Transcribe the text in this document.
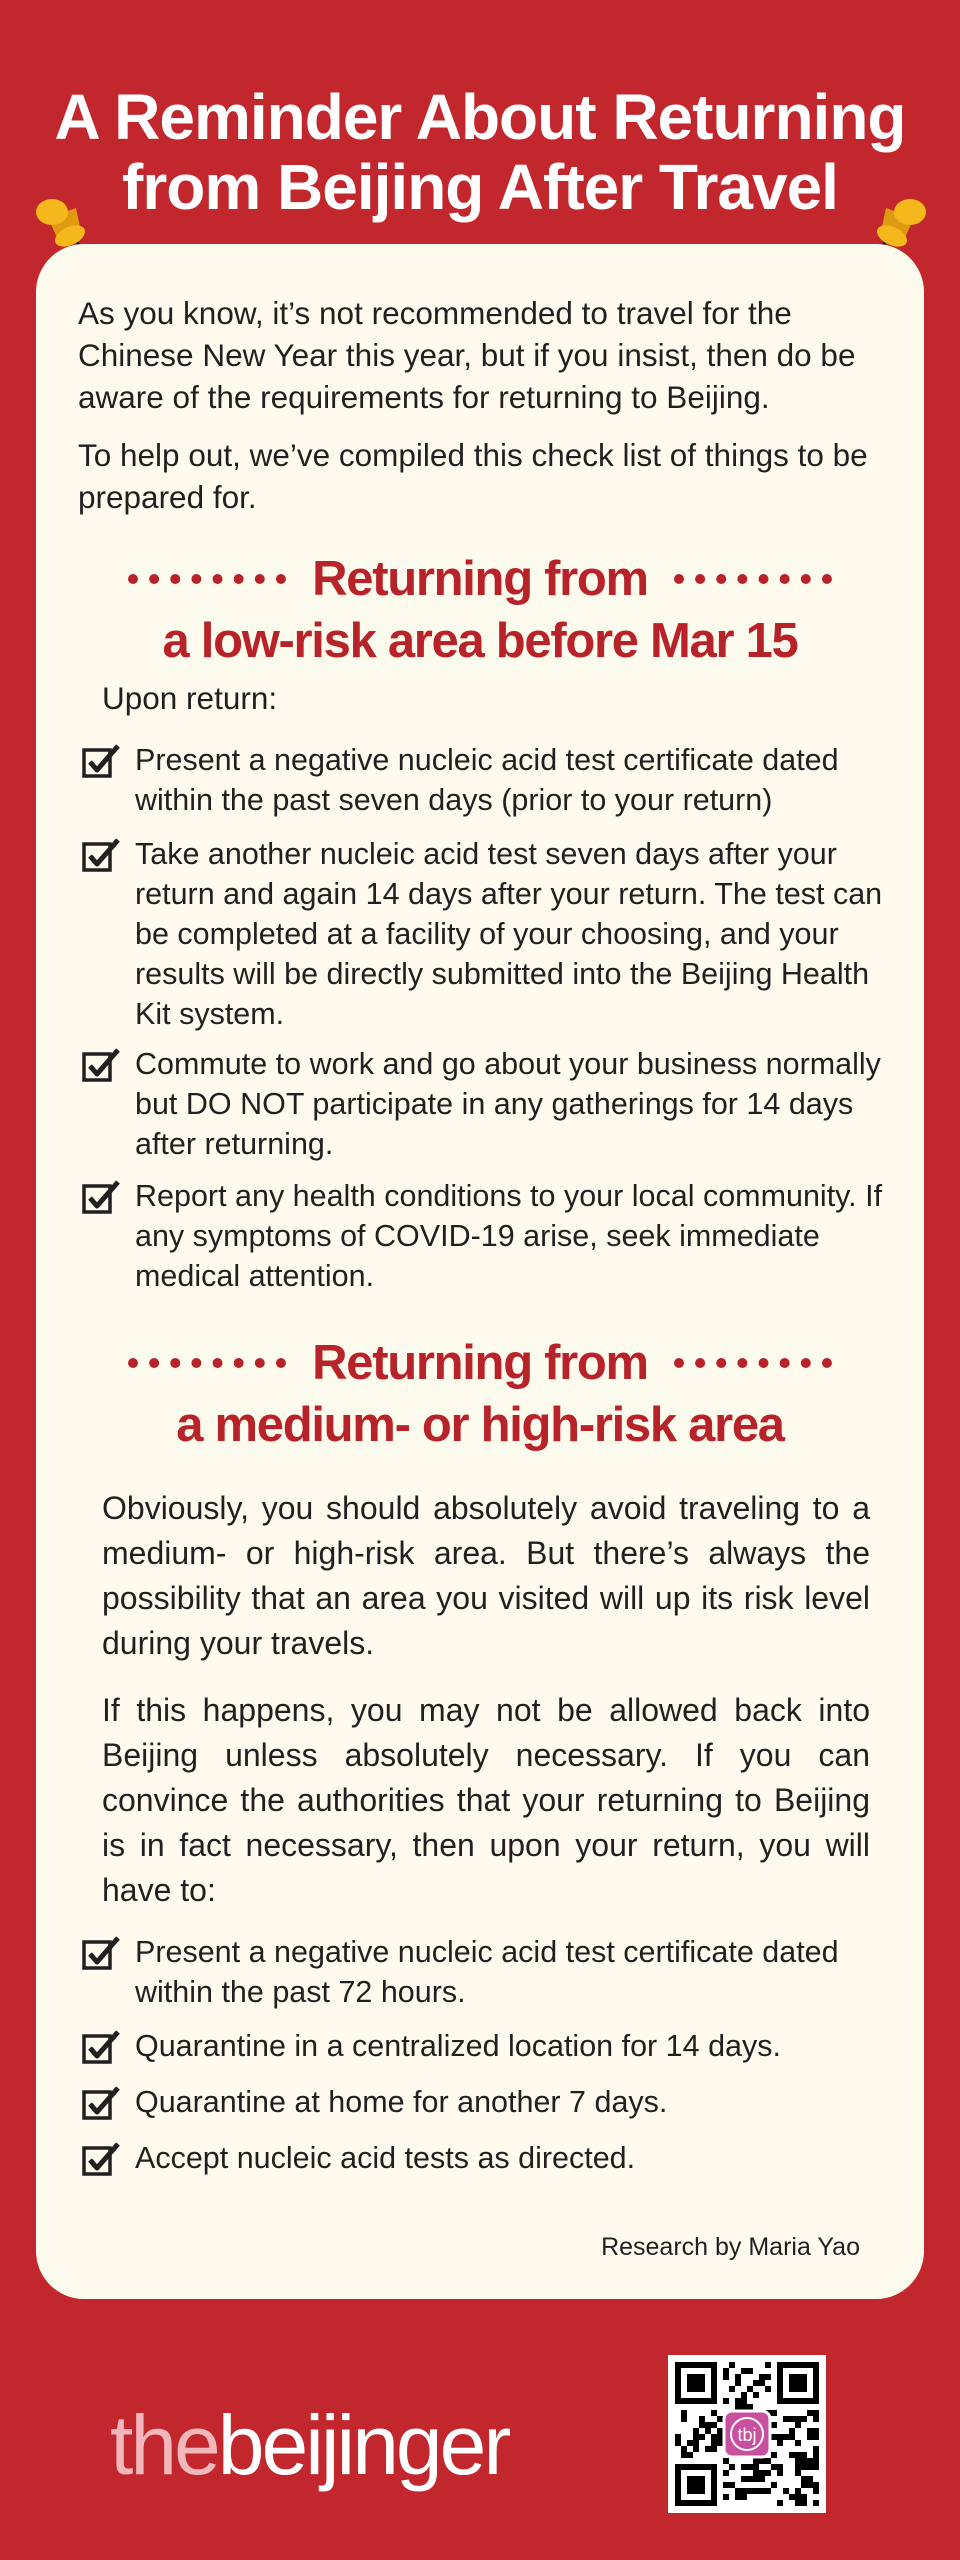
A Reminder About Returning
from Beijing After Travel

As you know, it’s not recommended to travel for the Chinese New Year this year, but if you insist, then do be aware of the requirements for returning to Beijing.

To help out, we’ve compiled this check list of things to be prepared for.

Returning from
a low-risk area before Mar 15

Upon return:

Present a negative nucleic acid test certificate dated within the past seven days (prior to your return)

Take another nucleic acid test seven days after your return and again 14 days after your return. The test can be completed at a facility of your choosing, and your results will be directly submitted into the Beijing Health Kit system.

Commute to work and go about your business normally but DO NOT participate in any gatherings for 14 days after returning.

Report any health conditions to your local community. If any symptoms of COVID-19 arise, seek immediate medical attention.

Returning from
a medium- or high-risk area

Obviously, you should absolutely avoid traveling to a medium- or high-risk area. But there’s always the possibility that an area you visited will up its risk level during your travels.

If this happens, you may not be allowed back into Beijing unless absolutely necessary. If you can convince the authorities that your returning to Beijing is in fact necessary, then upon your return, you will have to:

Present a negative nucleic acid test certificate dated within the past 72 hours.

Quarantine in a centralized location for 14 days.

Quarantine at home for another 7 days.

Accept nucleic acid tests as directed.

Research by Maria Yao

thebeijinger	tbj
